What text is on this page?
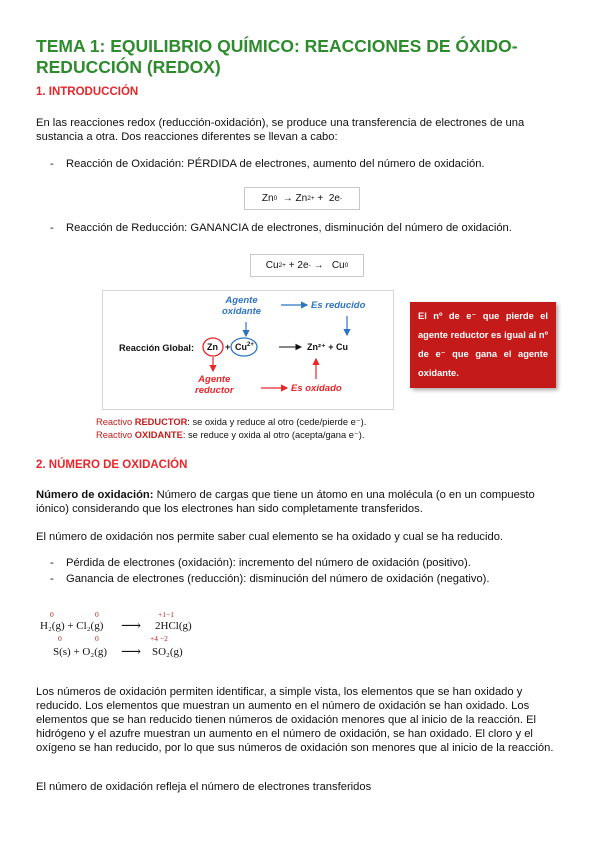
TEMA 1: EQUILIBRIO QUÍMICO: REACCIONES DE ÓXIDO-REDUCCIÓN (REDOX)
1. INTRODUCCIÓN

En las reacciones redox (reducción-oxidación), se produce una transferencia de electrones de una sustancia a otra. Dos reacciones diferentes se llevan a cabo:

- Reacción de Oxidación: PÉRDIDA de electrones, aumento del número de oxidación.
Zn 0
→
Zn 2+
+
2e -
- Reacción de Reducción: GANANCIA de electrones, disminución del número de oxidación.
Cu 2+
+
2e -
→
Cu 0
Agente
oxidante
Es reducido
Reacción Global: $Zn + Cu^{2+}$	Zn²⁺ + Cu
Agente
reductor	Es oxidado
El nº de e⁻ que pierde el agente reductor es igual al nº de e⁻ que gana el agente oxidante.
Reactivo REDUCTOR: se oxida y reduce al otro (cede/pierde e⁻).
Reactivo OXIDANTE: se reduce y oxida al otro (acepta/gana e⁻).
2. NÚMERO DE OXIDACIÓN

Número de oxidación: Número de cargas que tiene un átomo en una molécula (o en un compuesto iónico) considerando que los electrones han sido completamente transferidos.

El número de oxidación nos permite saber cual elemento se ha oxidado y cual se ha reducido.

- Pérdida de electrones (oxidación): incremento del número de oxidación (positivo).
- Ganancia de electrones (reducción): disminución del número de oxidación (negativo).
0	0	+1−1
H₂(g) + Cl₂(g) ⟶ 2HCl(g)
0	0	+4 −2
S(s) + O₂(g) ⟶ SO₂(g)

Los números de oxidación permiten identificar, a simple vista, los elementos que se han oxidado y reducido. Los elementos que muestran un aumento en el número de oxidación se han oxidado. Los elementos que se han reducido tienen números de oxidación menores que al inicio de la reacción. El hidrógeno y el azufre muestran un aumento en el número de oxidación, se han oxidado. El cloro y el oxígeno se han reducido, por lo que sus números de oxidación son menores que al inicio de la reacción.

El número de oxidación refleja el número de electrones transferidos
